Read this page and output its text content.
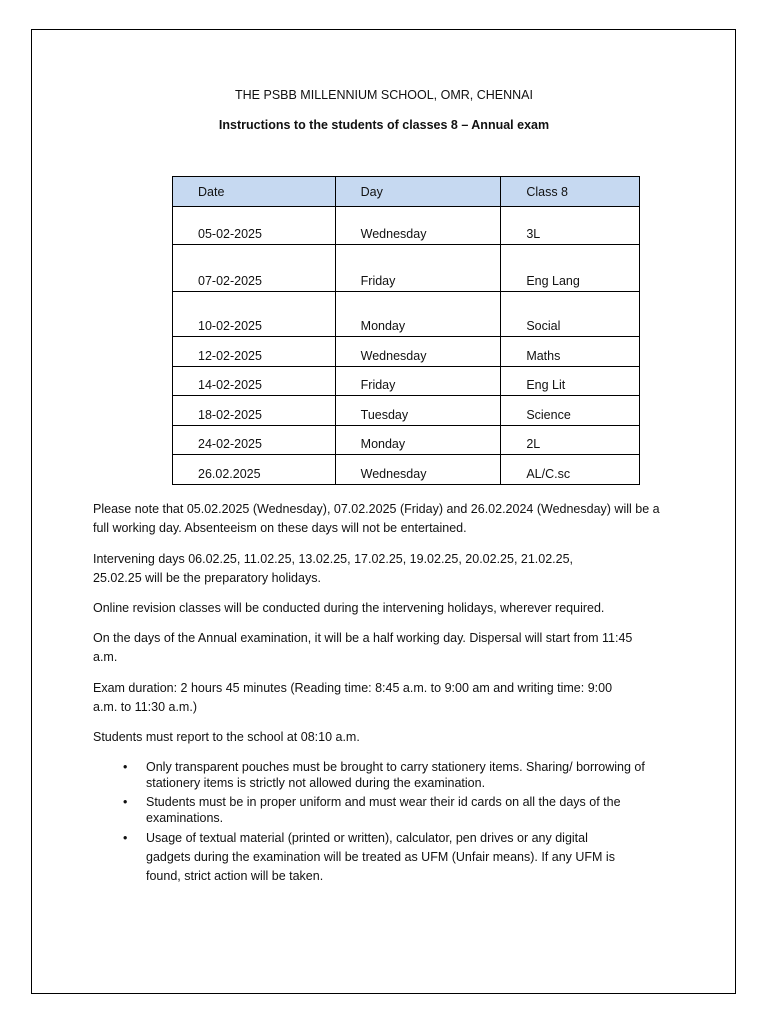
THE PSBB MILLENNIUM SCHOOL, OMR, CHENNAI
Instructions to the students of classes 8 – Annual exam
Date	Day	Class 8
05-02-2025	Wednesday	3L
07-02-2025	Friday	Eng Lang
10-02-2025	Monday	Social
12-02-2025	Wednesday	Maths
14-02-2025	Friday	Eng Lit
18-02-2025	Tuesday	Science
24-02-2025	Monday	2L
26.02.2025	Wednesday	AL/C.sc

Please note that 05.02.2025 (Wednesday), 07.02.2025 (Friday) and 26.02.2024 (Wednesday) will be a full working day. Absenteeism on these days will not be entertained.

Intervening days 06.02.25, 11.02.25, 13.02.25, 17.02.25, 19.02.25, 20.02.25, 21.02.25, 25.02.25 will be the preparatory holidays.

Online revision classes will be conducted during the intervening holidays, wherever required.

On the days of the Annual examination, it will be a half working day. Dispersal will start from 11:45 a.m.

Exam duration: 2 hours 45 minutes (Reading time: 8:45 a.m. to 9:00 am and writing time: 9:00 a.m. to 11:30 a.m.)

Students must report to the school at 08:10 a.m.

• Only transparent pouches must be brought to carry stationery items. Sharing/ borrowing of stationery items is strictly not allowed during the examination.
• Students must be in proper uniform and must wear their id cards on all the days of the examinations.
• Usage of textual material (printed or written), calculator, pen drives or any digital gadgets during the examination will be treated as UFM (Unfair means). If any UFM is found, strict action will be taken.
